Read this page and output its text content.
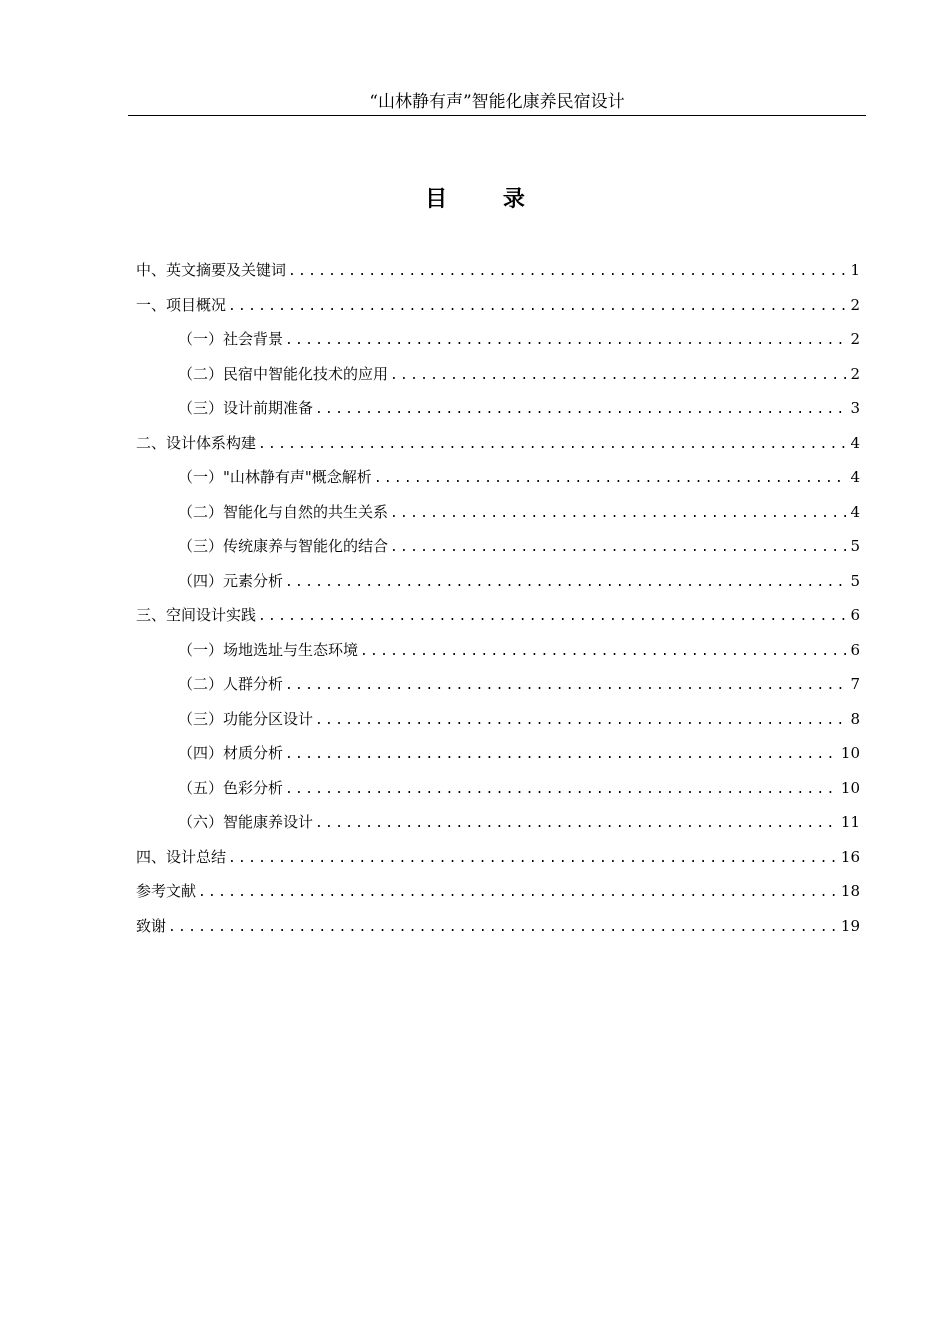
“山林静有声”智能化康养民宿设计
目 录
中、英文摘要及关键词 .....	1
一、项目概况 .....	2
（一）社会背景 .....	2
（二）民宿中智能化技术的应用 .....	2
（三）设计前期准备 .....	3
二、设计体系构建 .....	4
（一）"山林静有声"概念解析 .....	4
（二）智能化与自然的共生关系 .....	4
（三）传统康养与智能化的结合 .....	5
（四）元素分析 .....	5
三、空间设计实践 .....	6
（一）场地选址与生态环境 .....	6
（二）人群分析 .....	7
（三）功能分区设计 .....	8
（四）材质分析 .....	10
（五）色彩分析 .....	10
（六）智能康养设计 .....	11
四、设计总结 .....	16
参考文献 .....	18
致谢 .....	19
